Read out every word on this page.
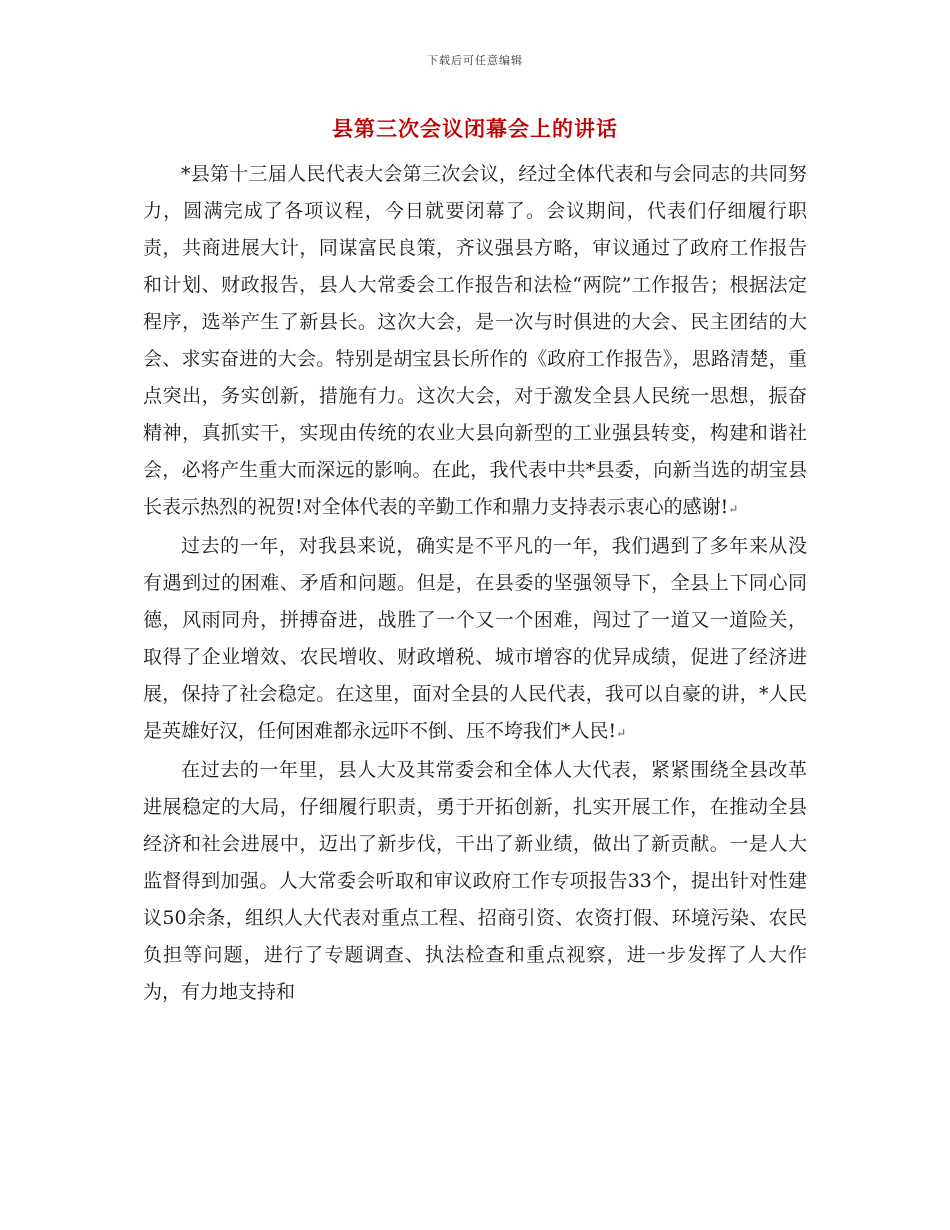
下载后可任意编辑
县第三次会议闭幕会上的讲话

*县第十三届人民代表大会第三次会议，经过全体代表和与会同志的共同努力，圆满完成了各项议程，今日就要闭幕了。会议期间，代表们仔细履行职责，共商进展大计，同谋富民良策，齐议强县方略，审议通过了政府工作报告和计划、财政报告，县人大常委会工作报告和法检“两院”工作报告；根据法定程序，选举产生了新县长。这次大会，是一次与时俱进的大会、民主团结的大会、求实奋进的大会。特别是胡宝县长所作的《政府工作报告》，思路清楚，重点突出，务实创新，措施有力。这次大会，对于激发全县人民统一思想，振奋精神，真抓实干，实现由传统的农业大县向新型的工业强县转变，构建和谐社会，必将产生重大而深远的影响。在此，我代表中共*县委，向新当选的胡宝县长表示热烈的祝贺!对全体代表的辛勤工作和鼎力支持表示衷心的感谢!↵

过去的一年，对我县来说，确实是不平凡的一年，我们遇到了多年来从没有遇到过的困难、矛盾和问题。但是，在县委的坚强领导下，全县上下同心同德，风雨同舟，拼搏奋进，战胜了一个又一个困难，闯过了一道又一道险关，取得了企业增效、农民增收、财政增税、城市增容的优异成绩，促进了经济进展，保持了社会稳定。在这里，面对全县的人民代表，我可以自豪的讲，*人民是英雄好汉，任何困难都永远吓不倒、压不垮我们*人民!↵

在过去的一年里，县人大及其常委会和全体人大代表，紧紧围绕全县改革进展稳定的大局，仔细履行职责，勇于开拓创新，扎实开展工作，在推动全县经济和社会进展中，迈出了新步伐，干出了新业绩，做出了新贡献。一是人大监督得到加强。人大常委会听取和审议政府工作专项报告33个，提出针对性建议50余条，组织人大代表对重点工程、招商引资、农资打假、环境污染、农民负担等问题，进行了专题调查、执法检查和重点视察，进一步发挥了人大作为，有力地支持和
